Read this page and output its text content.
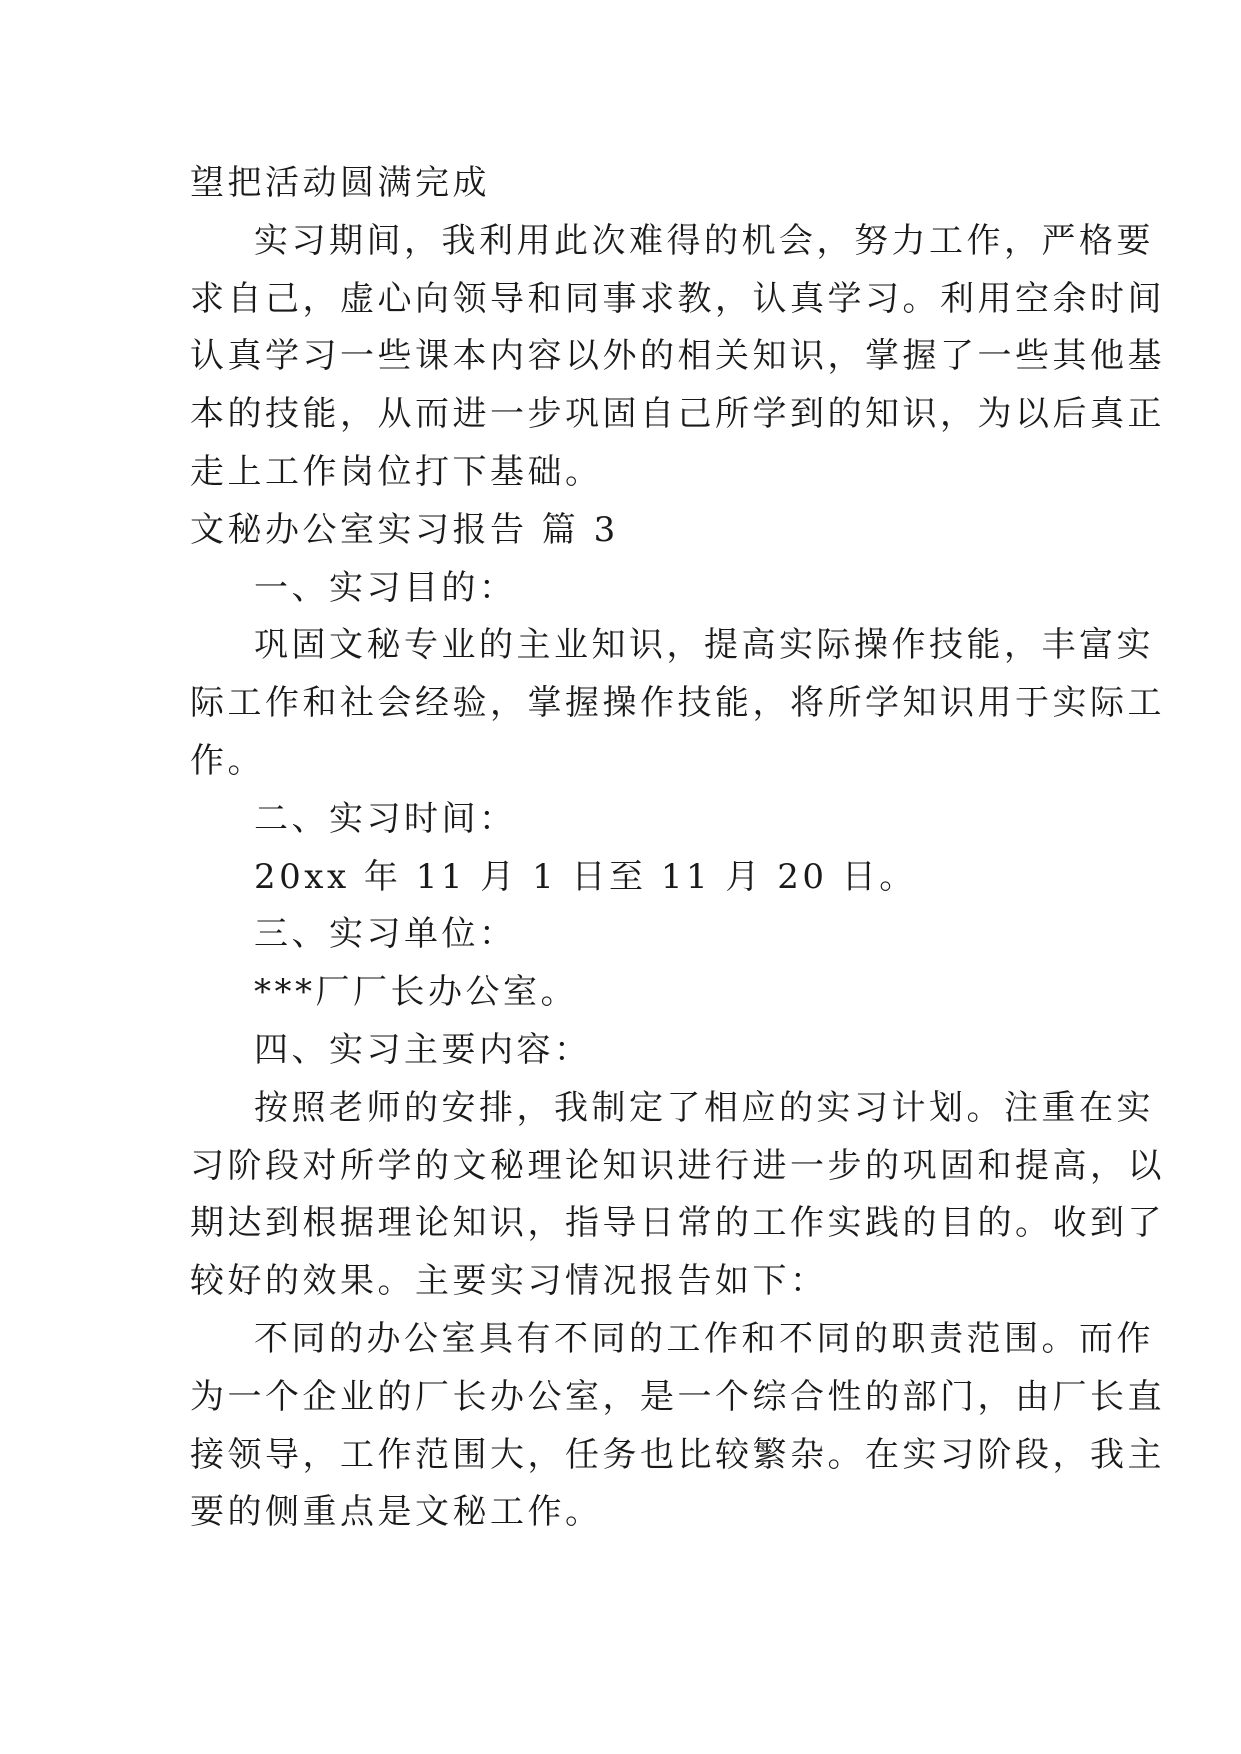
望把活动圆满完成
实习期间，我利用此次难得的机会，努力工作，严格要
求自己，虚心向领导和同事求教，认真学习。利用空余时间
认真学习一些课本内容以外的相关知识，掌握了一些其他基
本的技能，从而进一步巩固自己所学到的知识，为以后真正
走上工作岗位打下基础。
文秘办公室实习报告 篇 3
一、实习目的：
巩固文秘专业的主业知识，提高实际操作技能，丰富实
际工作和社会经验，掌握操作技能，将所学知识用于实际工
作。
二、实习时间：
20xx 年 11 月 1 日至 11 月 20 日。
三、实习单位：
***厂厂长办公室。
四、实习主要内容：
按照老师的安排，我制定了相应的实习计划。注重在实
习阶段对所学的文秘理论知识进行进一步的巩固和提高，以
期达到根据理论知识，指导日常的工作实践的目的。收到了
较好的效果。主要实习情况报告如下：
不同的办公室具有不同的工作和不同的职责范围。而作
为一个企业的厂长办公室，是一个综合性的部门，由厂长直
接领导，工作范围大，任务也比较繁杂。在实习阶段，我主
要的侧重点是文秘工作。
